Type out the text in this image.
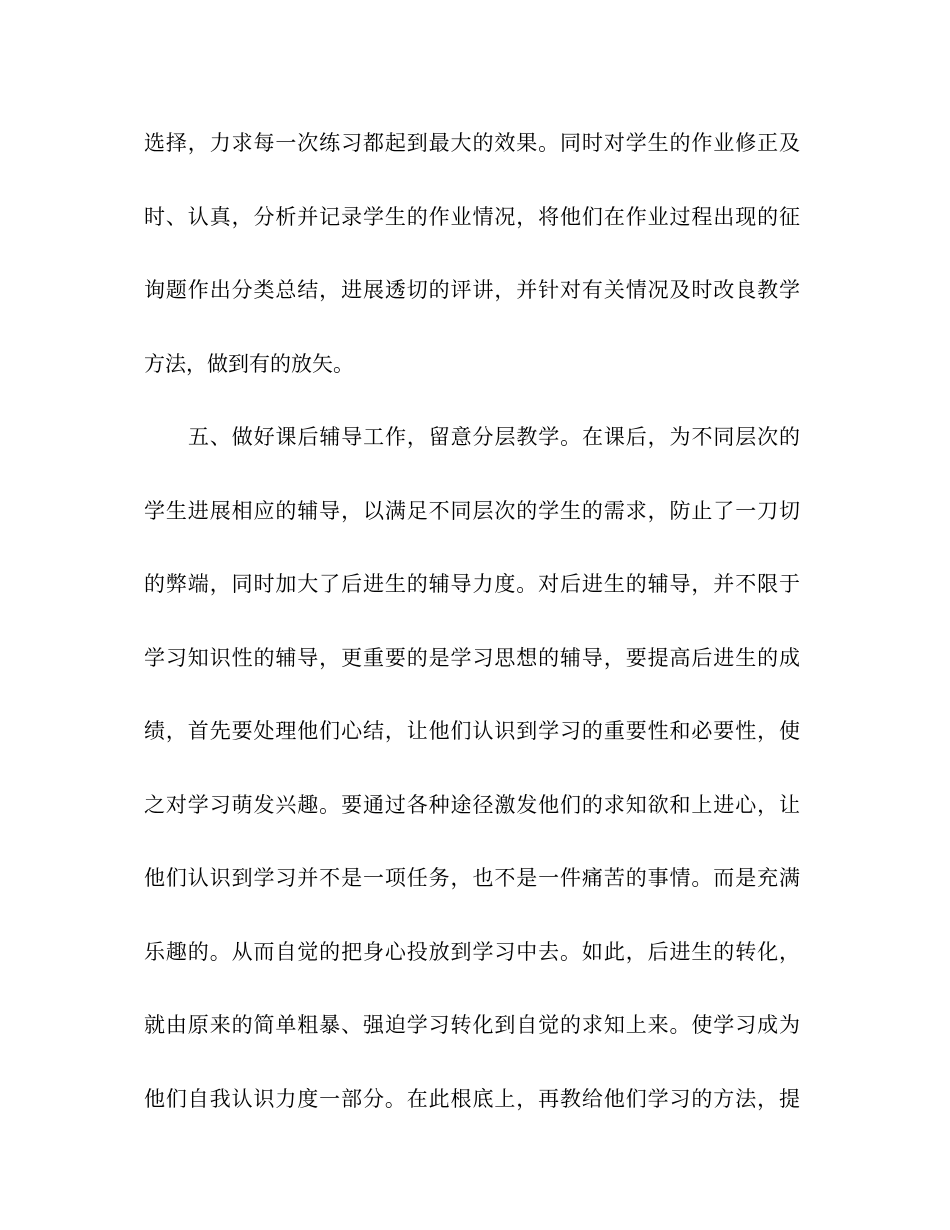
选择，力求每一次练习都起到最大的效果。同时对学生的作业修正及
时、认真，分析并记录学生的作业情况，将他们在作业过程出现的征
询题作出分类总结，进展透切的评讲，并针对有关情况及时改良教学
方法，做到有的放矢。
五、做好课后辅导工作，留意分层教学。在课后，为不同层次的
学生进展相应的辅导，以满足不同层次的学生的需求，防止了一刀切
的弊端，同时加大了后进生的辅导力度。对后进生的辅导，并不限于
学习知识性的辅导，更重要的是学习思想的辅导，要提高后进生的成
绩，首先要处理他们心结，让他们认识到学习的重要性和必要性，使
之对学习萌发兴趣。要通过各种途径激发他们的求知欲和上进心，让
他们认识到学习并不是一项任务，也不是一件痛苦的事情。而是充满
乐趣的。从而自觉的把身心投放到学习中去。如此，后进生的转化，
就由原来的简单粗暴、强迫学习转化到自觉的求知上来。使学习成为
他们自我认识力度一部分。在此根底上，再教给他们学习的方法，提
